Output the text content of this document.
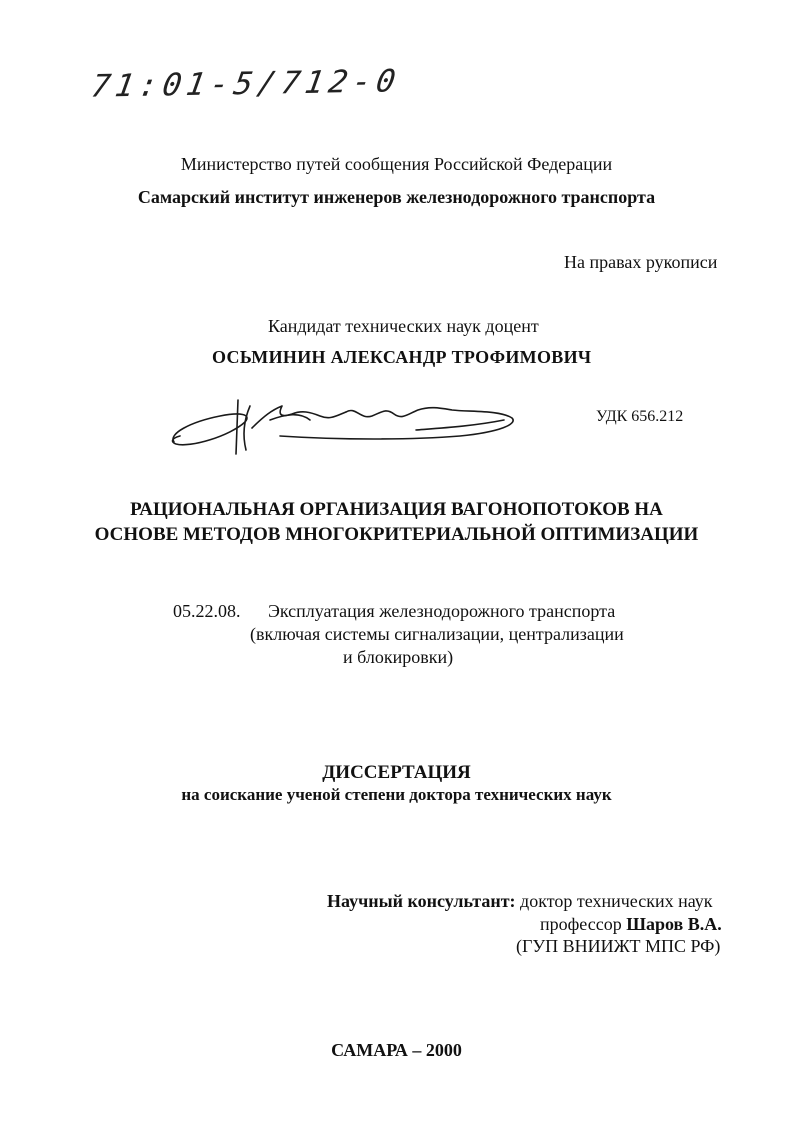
71:01-5/712-0
Министерство путей сообщения Российской Федерации
Самарский институт инженеров железнодорожного транспорта
На правах рукописи
Кандидат технических наук доцент
ОСЬМИНИН АЛЕКСАНДР ТРОФИМОВИЧ
УДК 656.212
РАЦИОНАЛЬНАЯ ОРГАНИЗАЦИЯ ВАГОНОПОТОКОВ НА
ОСНОВЕ МЕТОДОВ МНОГОКРИТЕРИАЛЬНОЙ ОПТИМИЗАЦИИ
05.22.08. Эксплуатация железнодорожного транспорта
(включая системы сигнализации, централизации
и блокировки)
ДИССЕРТАЦИЯ
на соискание ученой степени доктора технических наук
Научный консультант: доктор технических наук
профессор Шаров В.А.
(ГУП ВНИИЖТ МПС РФ)
САМАРА – 2000
